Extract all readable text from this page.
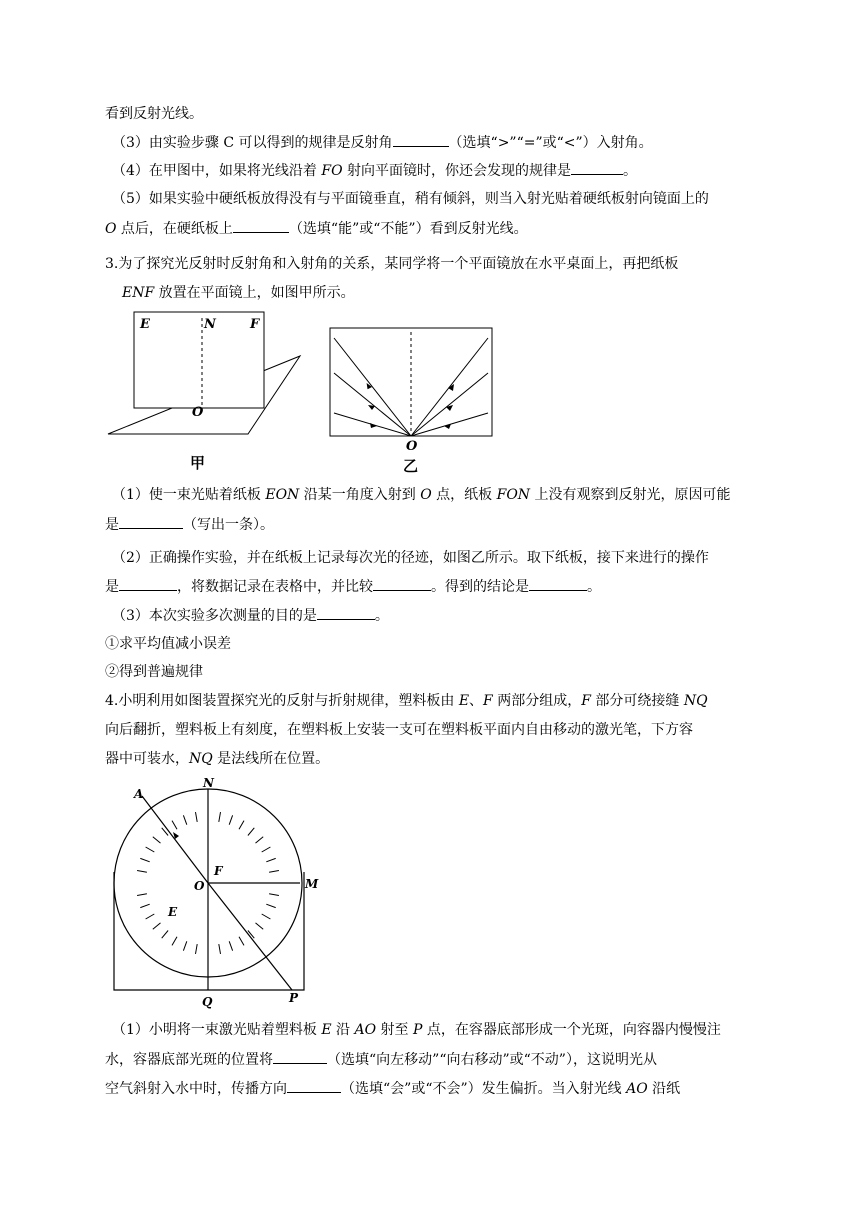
看到反射光线。
（3）由实验步骤 C 可以得到的规律是反射角	（选填“>”“=”或“<”）入射角。
（4）在甲图中，如果将光线沿着 FO 射向平面镜时，你还会发现的规律是	。
（5）如果实验中硬纸板放得没有与平面镜垂直，稍有倾斜，则当入射光贴着硬纸板射向镜面上的
O 点后，在硬纸板上	（选填“能”或“不能”）看到反射光线。
3.为了探究光反射时反射角和入射角的关系，某同学将一个平面镜放在水平桌面上，再把纸板
ENF 放置在平面镜上，如图甲所示。
E	N	F
O
甲
O
乙
（1）使一束光贴着纸板 EON 沿某一角度入射到 O 点，纸板 FON 上没有观察到反射光，原因可能
是	（写出一条）。
（2）正确操作实验，并在纸板上记录每次光的径迹，如图乙所示。取下纸板，接下来进行的操作
是	，将数据记录在表格中，并比较	。得到的结论是	。
（3）本次实验多次测量的目的是	。
①求平均值减小误差
②得到普遍规律
4.小明利用如图装置探究光的反射与折射规律，塑料板由 E、F 两部分组成，F 部分可绕接缝 NQ
向后翻折，塑料板上有刻度，在塑料板上安装一支可在塑料板平面内自由移动的激光笔，下方容
器中可装水，NQ 是法线所在位置。
A
N
F
O	M
E
Q	P
（1）小明将一束激光贴着塑料板 E 沿 AO 射至 P 点，在容器底部形成一个光斑，向容器内慢慢注
水，容器底部光斑的位置将	（选填“向左移动”“向右移动”或“不动”），这说明光从
空气斜射入水中时，传播方向	（选填“会”或“不会”）发生偏折。当入射光线 AO 沿纸
